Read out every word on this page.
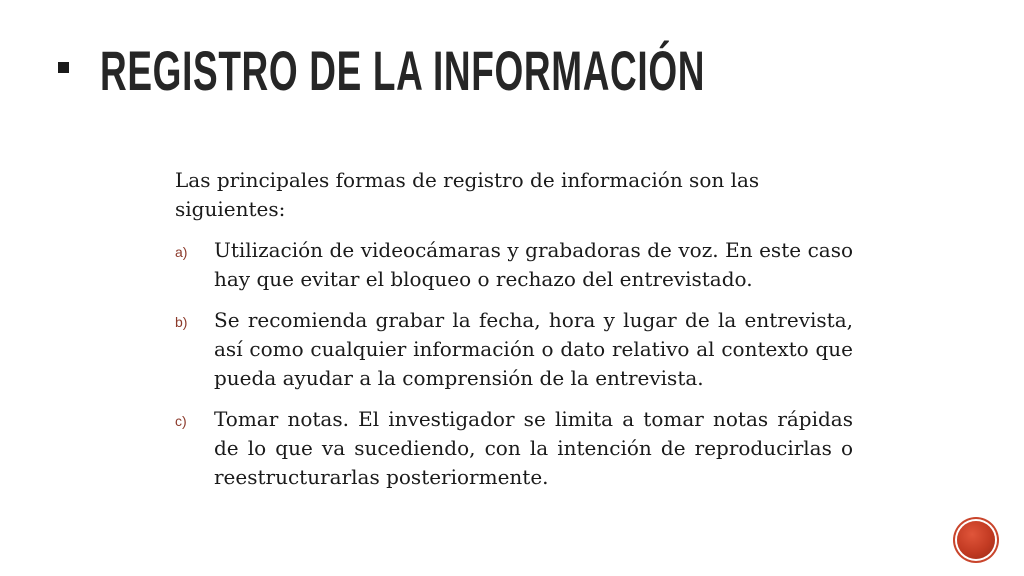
REGISTRO DE LA INFORMACIÓN

Las principales formas de registro de información son las siguientes:

a) Utilización de videocámaras y grabadoras de voz. En este caso hay que evitar el bloqueo o rechazo del entrevistado.
b) Se recomienda grabar la fecha, hora y lugar de la entrevista, así como cualquier información o dato relativo al contexto que pueda ayudar a la comprensión de la entrevista.
c) Tomar notas. El investigador se limita a tomar notas rápidas de lo que va sucediendo, con la intención de reproducirlas o reestructurarlas posteriormente.
